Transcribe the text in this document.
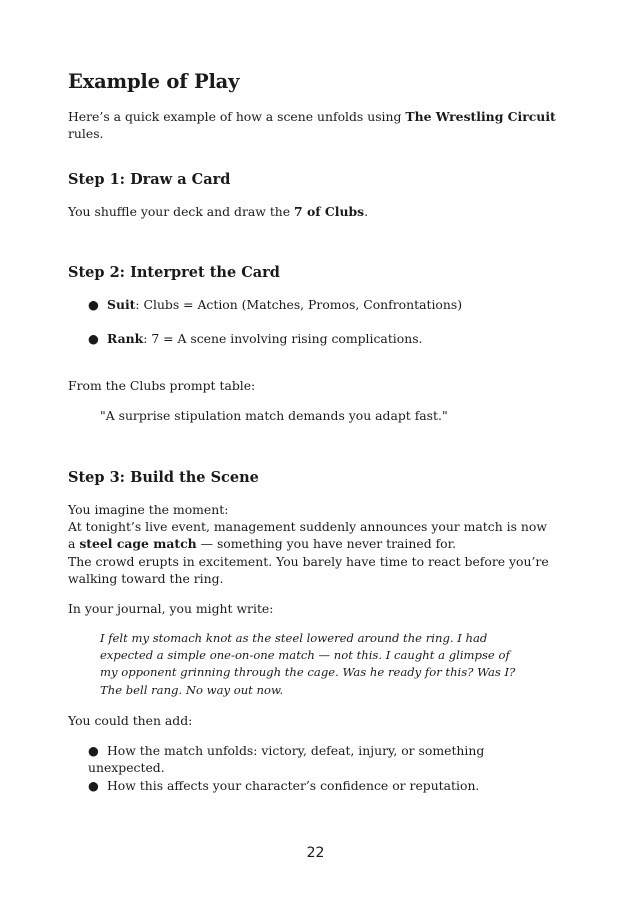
Example of Play

Here’s a quick example of how a scene unfolds using The Wrestling Circuit rules.

Step 1: Draw a Card

You shuffle your deck and draw the 7 of Clubs.

Step 2: Interpret the Card

● Suit: Clubs = Action (Matches, Promos, Confrontations)

● Rank: 7 = A scene involving rising complications.

From the Clubs prompt table:

"A surprise stipulation match demands you adapt fast."

Step 3: Build the Scene

You imagine the moment:

At tonight’s live event, management suddenly announces your match is now a steel cage match — something you have never trained for.

The crowd erupts in excitement. You barely have time to react before you’re walking toward the ring.

In your journal, you might write:

I felt my stomach knot as the steel lowered around the ring. I had expected a simple one-on-one match — not this. I caught a glimpse of my opponent grinning through the cage. Was he ready for this? Was I? The bell rang. No way out now.

You could then add:

● How the match unfolds: victory, defeat, injury, or something unexpected.

● How this affects your character’s confidence or reputation.

22
